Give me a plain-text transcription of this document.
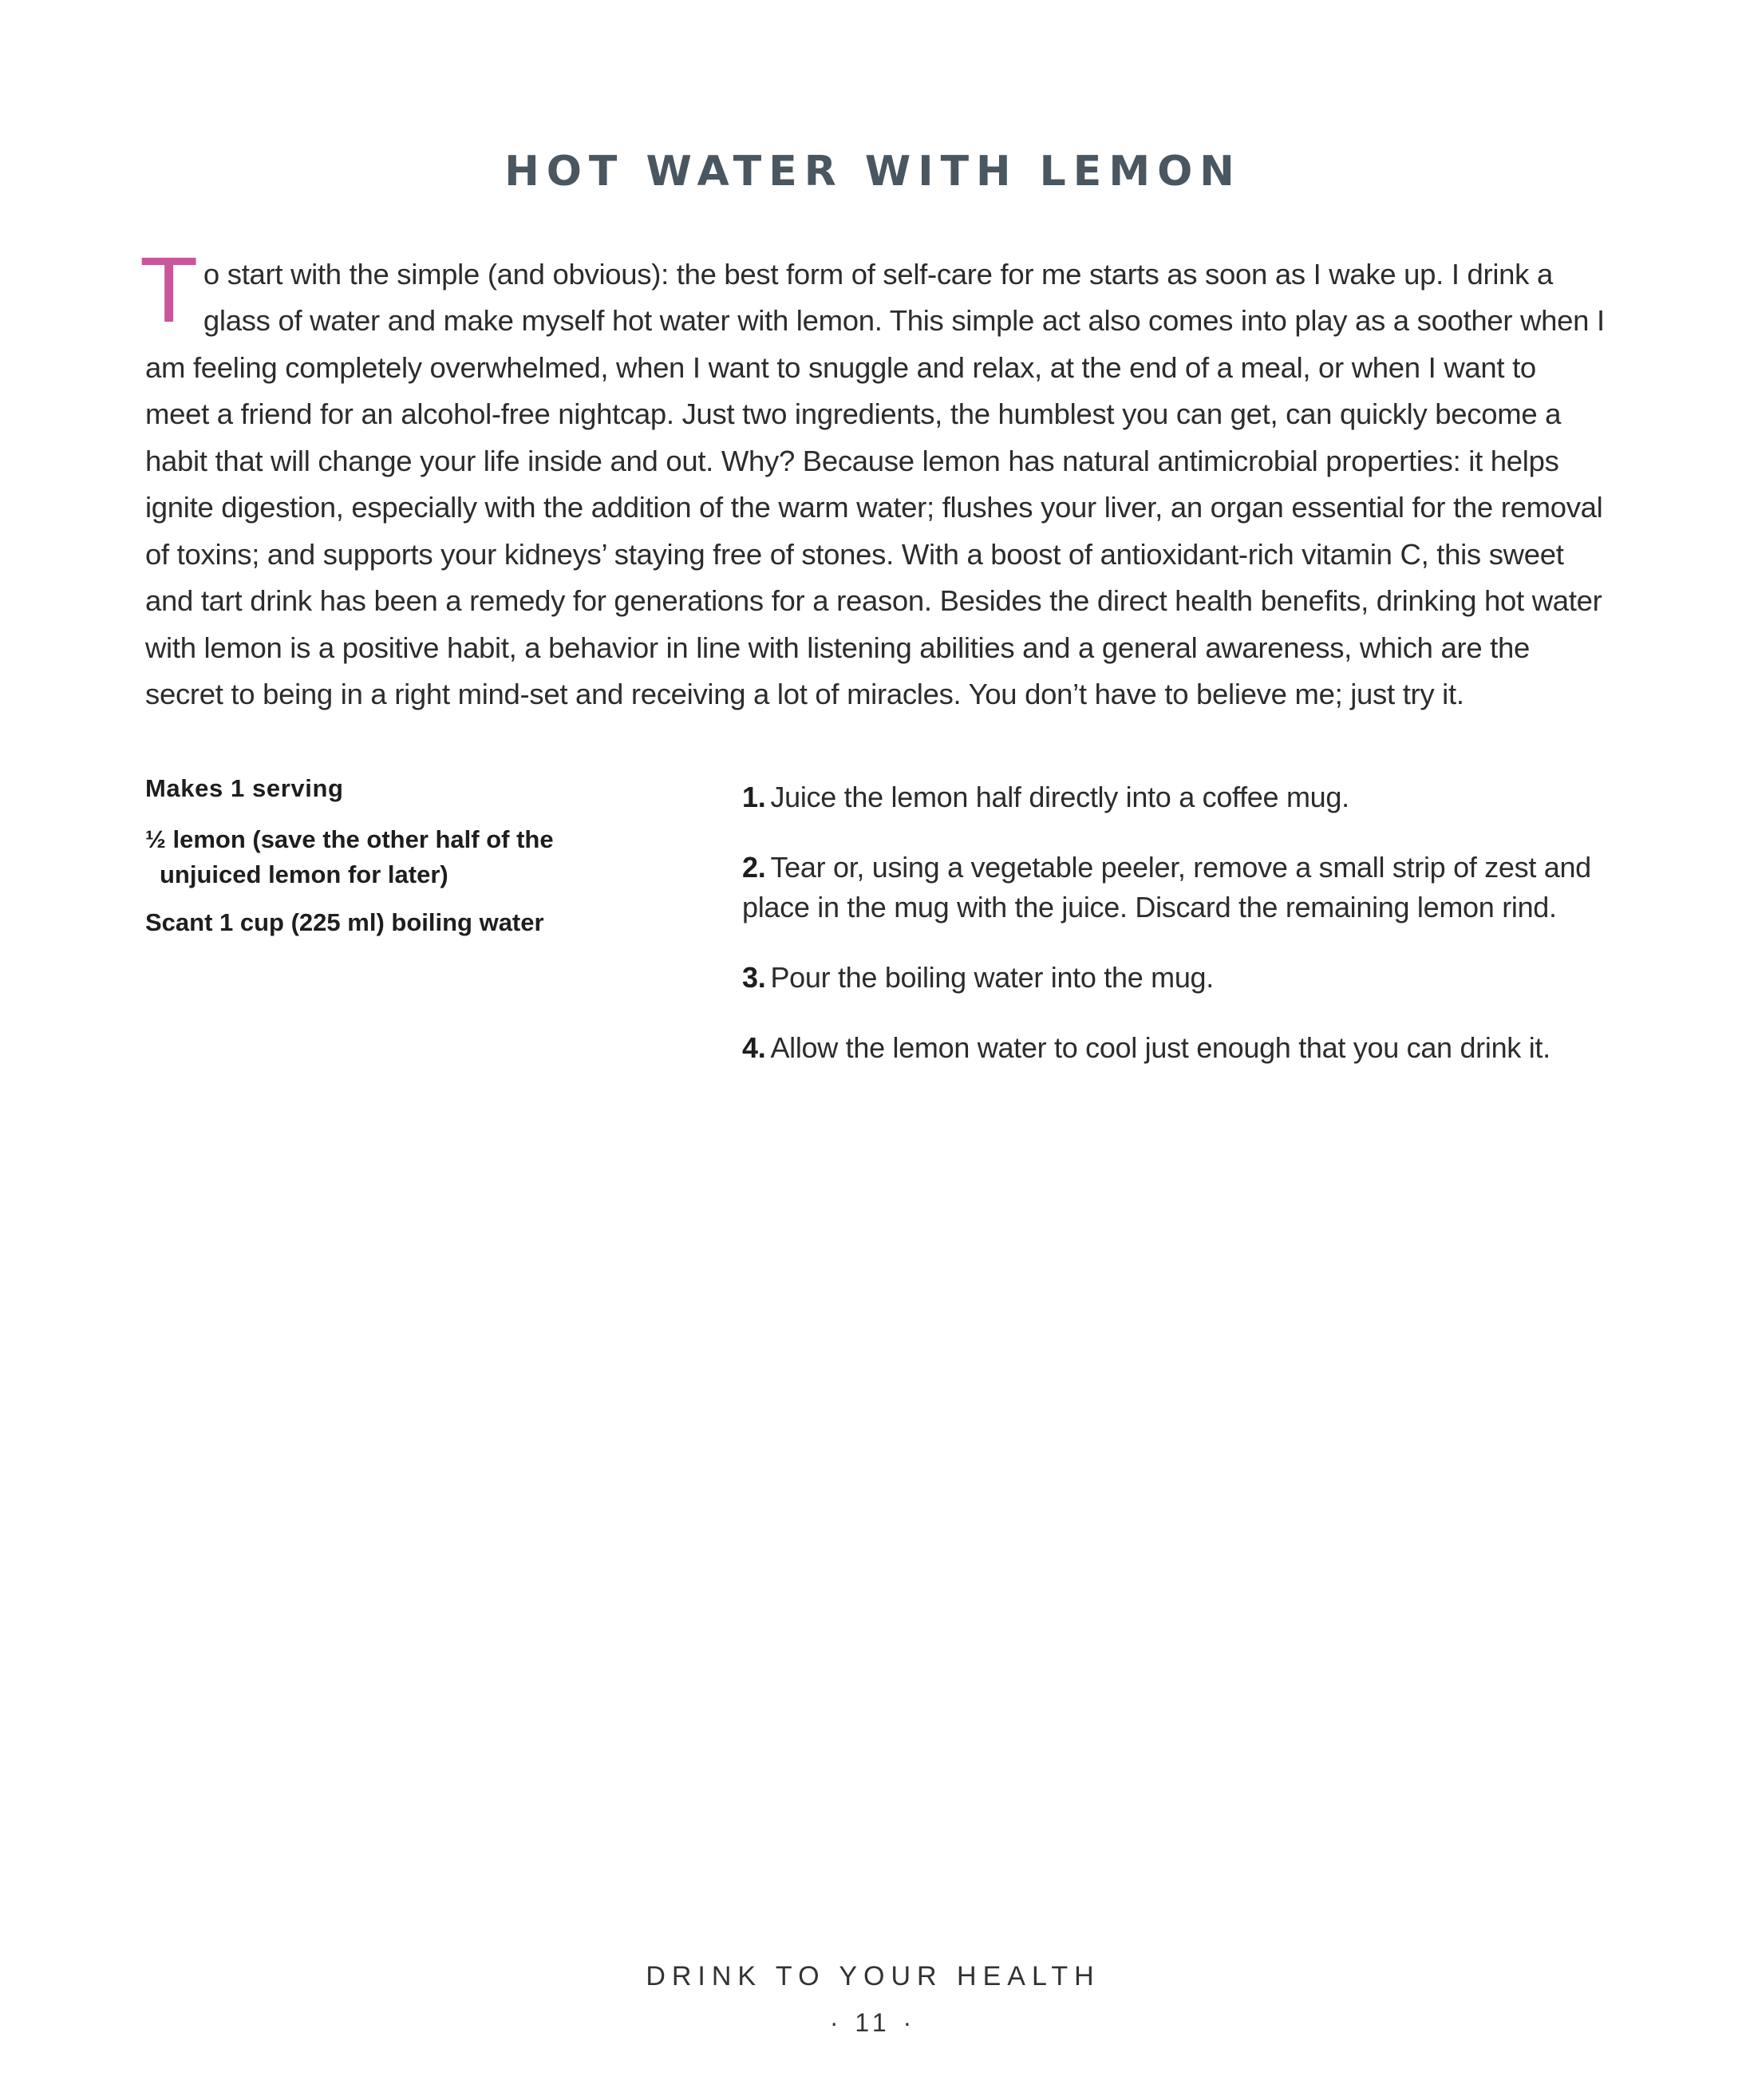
HOT WATER WITH LEMON

To start with the simple (and obvious): the best form of self-care for me starts as soon as I wake up. I drink a glass of water and make myself hot water with lemon. This simple act also comes into play as a soother when I am feeling completely overwhelmed, when I want to snuggle and relax, at the end of a meal, or when I want to meet a friend for an alcohol-free nightcap. Just two ingredients, the humblest you can get, can quickly become a habit that will change your life inside and out. Why? Because lemon has natural antimicrobial properties: it helps ignite digestion, especially with the addition of the warm water; flushes your liver, an organ essential for the removal of toxins; and supports your kidneys’ staying free of stones. With a boost of antioxidant-rich vitamin C, this sweet and tart drink has been a remedy for generations for a reason. Besides the direct health benefits, drinking hot water with lemon is a positive habit, a behavior in line with listening abilities and a general awareness, which are the secret to being in a right mind-set and receiving a lot of miracles. You don’t have to believe me; just try it.

Makes 1 serving
½ lemon (save the other half of the unjuiced lemon for later)
Scant 1 cup (225 ml) boiling water

1. Juice the lemon half directly into a coffee mug.

2. Tear or, using a vegetable peeler, remove a small strip of zest and place in the mug with the juice. Discard the remaining lemon rind.

3. Pour the boiling water into the mug.

4. Allow the lemon water to cool just enough that you can drink it.

DRINK TO YOUR HEALTH
· 11 ·
